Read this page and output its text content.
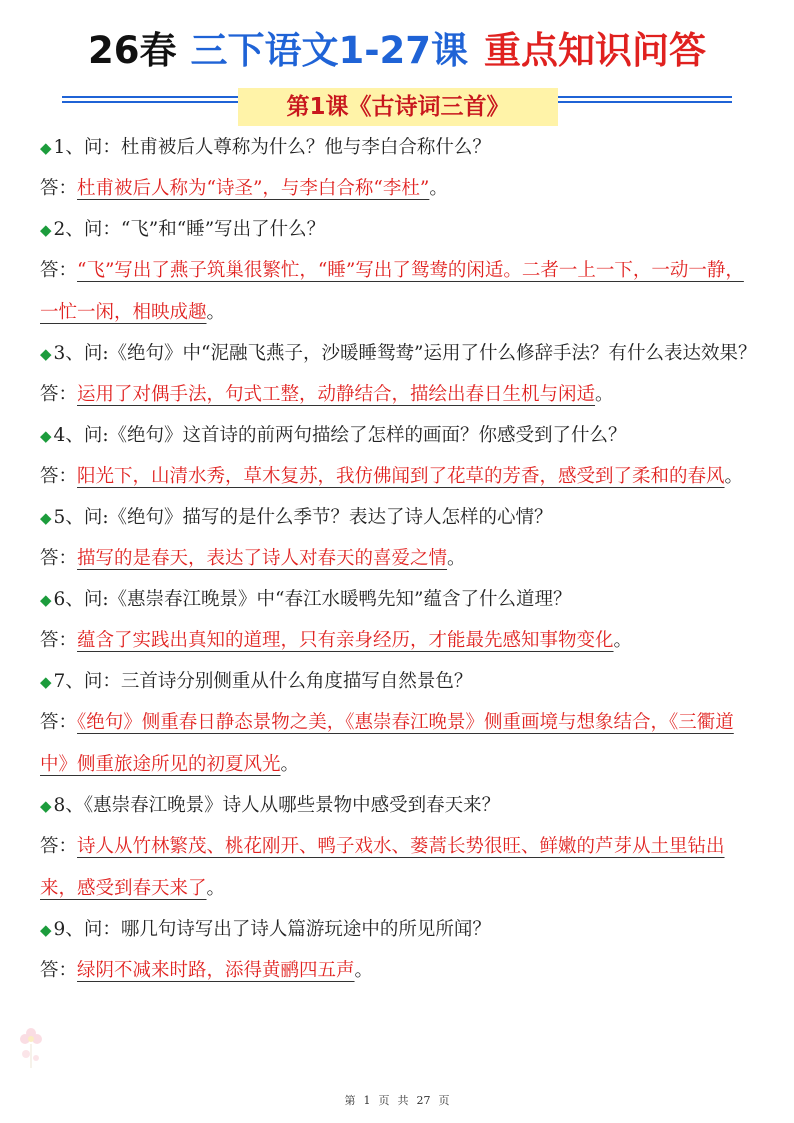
26春 三下语文1-27课 重点知识问答
第1课《古诗词三首》
◆ 1、问：杜甫被后人尊称为什么？他与李白合称什么？
答：杜甫被后人称为“诗圣”，与李白合称“李杜”。
◆ 2、问：“飞”和“睡”写出了什么？
答：“飞”写出了燕子筑巢很繁忙，“睡”写出了鸳鸯的闲适。二者一上一下，一动一静，一忙一闲，相映成趣。
◆ 3、问:《绝句》中“泥融飞燕子，沙暖睡鸳鸯”运用了什么修辞手法？有什么表达效果？
答：运用了对偶手法，句式工整，动静结合，描绘出春日生机与闲适。
◆ 4、问:《绝句》这首诗的前两句描绘了怎样的画面？你感受到了什么？
答：阳光下，山清水秀，草木复苏，我仿佛闻到了花草的芳香，感受到了柔和的春风。
◆ 5、问:《绝句》描写的是什么季节？表达了诗人怎样的心情？
答：描写的是春天，表达了诗人对春天的喜爱之情。
◆ 6、问:《惠崇春江晚景》中“春江水暖鸭先知”蕴含了什么道理？
答：蕴含了实践出真知的道理，只有亲身经历，才能最先感知事物变化。
◆ 7、问：三首诗分别侧重从什么角度描写自然景色？
答：《绝句》侧重春日静态景物之美，《惠崇春江晚景》侧重画境与想象结合，《三衢道中》侧重旅途所见的初夏风光。
◆ 8、《惠崇春江晚景》诗人从哪些景物中感受到春天来？
答：诗人从竹林繁茂、桃花刚开、鸭子戏水、蒌蒿长势很旺、鲜嫩的芦芽从土里钻出来，感受到春天来了。
◆ 9、问：哪几句诗写出了诗人篇游玩途中的所见所闻？
答：绿阴不减来时路，添得黄鹂四五声。
第 1 页 共 27 页
